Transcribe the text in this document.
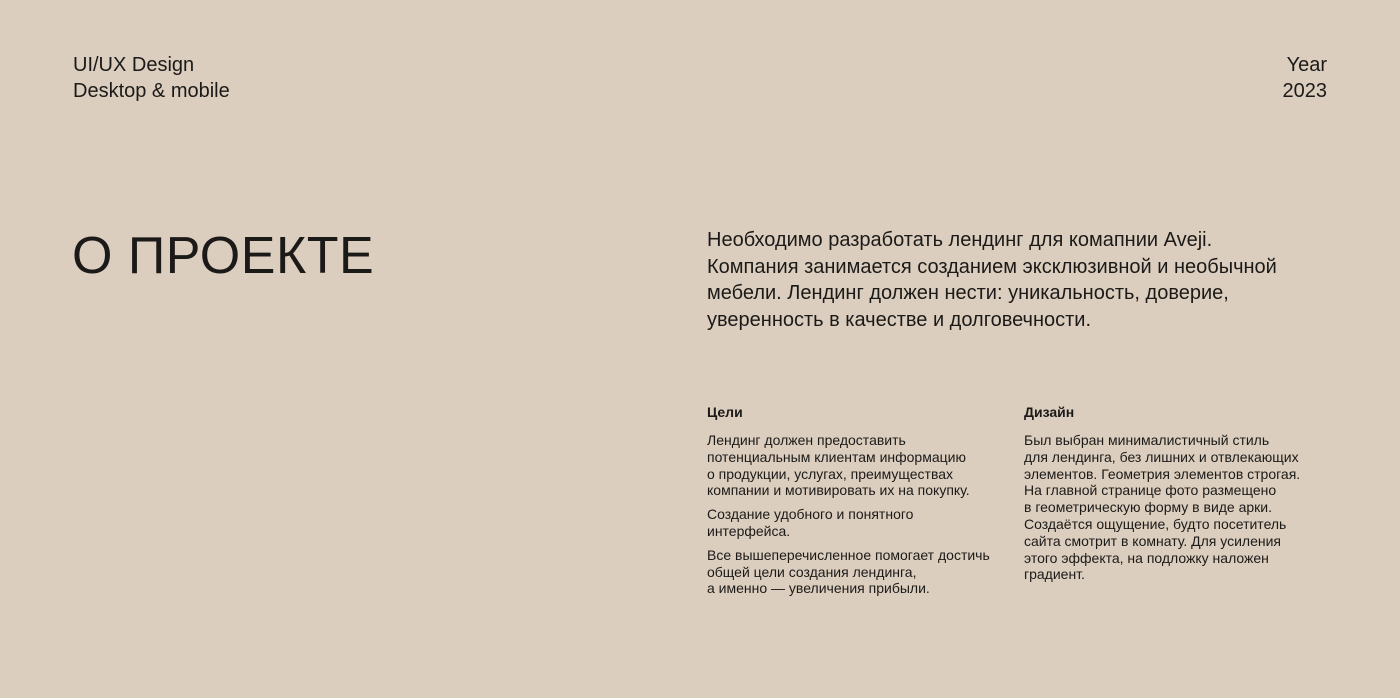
UI/UX Design
Desktop & mobile
Year
2023
О ПРОЕКТЕ	Необходимо разработать лендинг для комапнии Aveji.
Компания занимается созданием эксклюзивной и необычной
мебели. Лендинг должен нести: уникальность, доверие,
уверенность в качестве и долговечности.
Цели
Лендинг должен предоставить
потенциальным клиентам информацию
о продукции, услугах, преимуществах
компании и мотивировать их на покупку.
Создание удобного и понятного
интерфейса.
Все вышеперечисленное помогает достичь
общей цели создания лендинга,
а именно — увеличения прибыли.
Дизайн
Был выбран минималистичный стиль
для лендинга, без лишних и отвлекающих
элементов. Геометрия элементов строгая.
На главной странице фото размещено
в геометрическую форму в виде арки.
Создаётся ощущение, будто посетитель
сайта смотрит в комнату. Для усиления
этого эффекта, на подложку наложен
градиент.
